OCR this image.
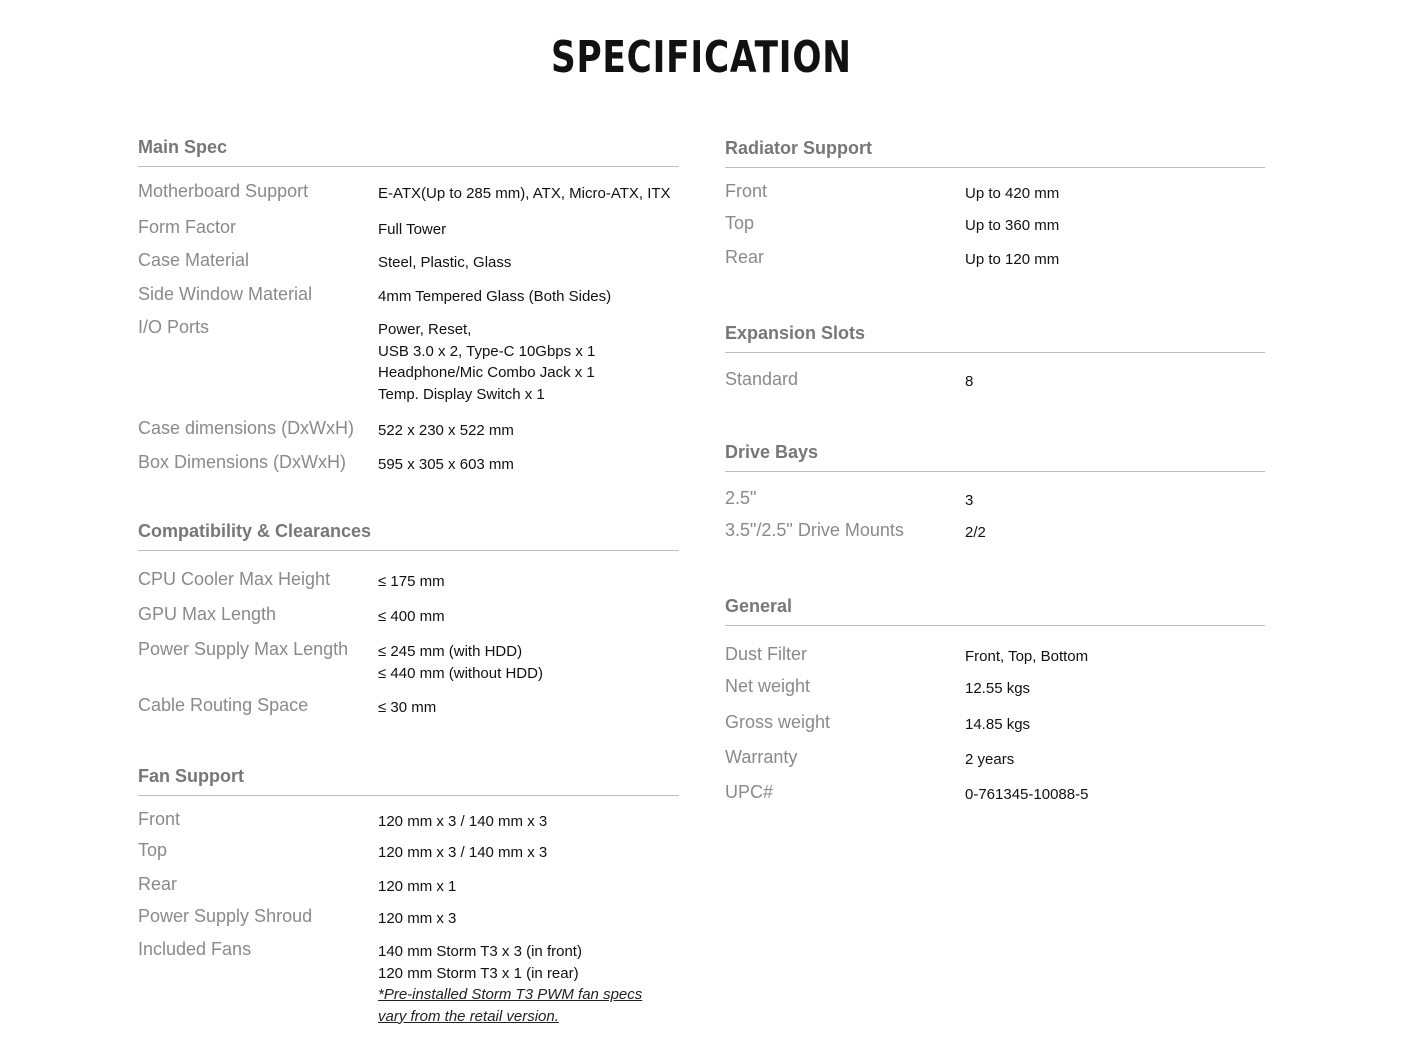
SPECIFICATION
Main Spec
Motherboard Support	E-ATX(Up to 285 mm), ATX, Micro-ATX, ITX
Form Factor	Full Tower
Case Material	Steel, Plastic, Glass
Side Window Material	4mm Tempered Glass (Both Sides)
I/O Ports	Power, Reset,
USB 3.0 x 2, Type-C 10Gbps x 1
Headphone/Mic Combo Jack x 1
Temp. Display Switch x 1
Case dimensions (DxWxH) 522 x 230 x 522 mm
Box Dimensions (DxWxH) 595 x 305 x 603 mm
Compatibility & Clearances
CPU Cooler Max Height	≤ 175 mm
GPU Max Length	≤ 400 mm
Power Supply Max Length ≤ 245 mm (with HDD)
≤ 440 mm (without HDD)
Cable Routing Space	≤ 30 mm
Fan Support
Front	120 mm x 3 / 140 mm x 3
Top	120 mm x 3 / 140 mm x 3
Rear	120 mm x 1
Power Supply Shroud	120 mm x 3
Included Fans	140 mm Storm T3 x 3 (in front)
120 mm Storm T3 x 1 (in rear)
*Pre-installed Storm T3 PWM fan specs
vary from the retail version.
Radiator Support
Front	Up to 420 mm
Top	Up to 360 mm
Rear	Up to 120 mm
Expansion Slots
Standard	8
Drive Bays
2.5"	3
3.5"/2.5" Drive Mounts	2/2
General
Dust Filter	Front, Top, Bottom
Net weight	12.55 kgs
Gross weight	14.85 kgs
Warranty	2 years
UPC#	0-761345-10088-5
